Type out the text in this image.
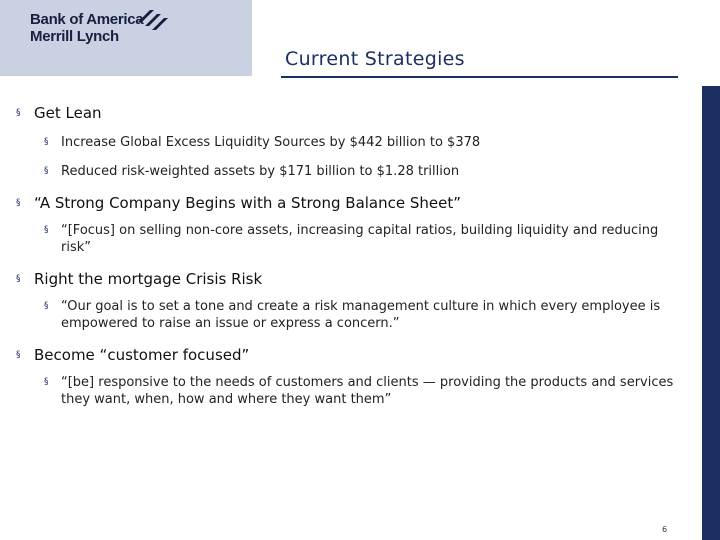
Bank of America
Merrill Lynch
Current Strategies
§ Get Lean
§ Increase Global Excess Liquidity Sources by $442 billion to $378
§ Reduced risk-weighted assets by $171 billion to $1.28 trillion
§ “A Strong Company Begins with a Strong Balance Sheet”
§ “[Focus] on selling non-core assets, increasing capital ratios, building liquidity and reducing risk”
§ Right the mortgage Crisis Risk
§ “Our goal is to set a tone and create a risk management culture in which every employee is empowered to raise an issue or express a concern.”
§ Become “customer focused”
§ “[be] responsive to the needs of customers and clients — providing the products and services they want, when, how and where they want them”
6
